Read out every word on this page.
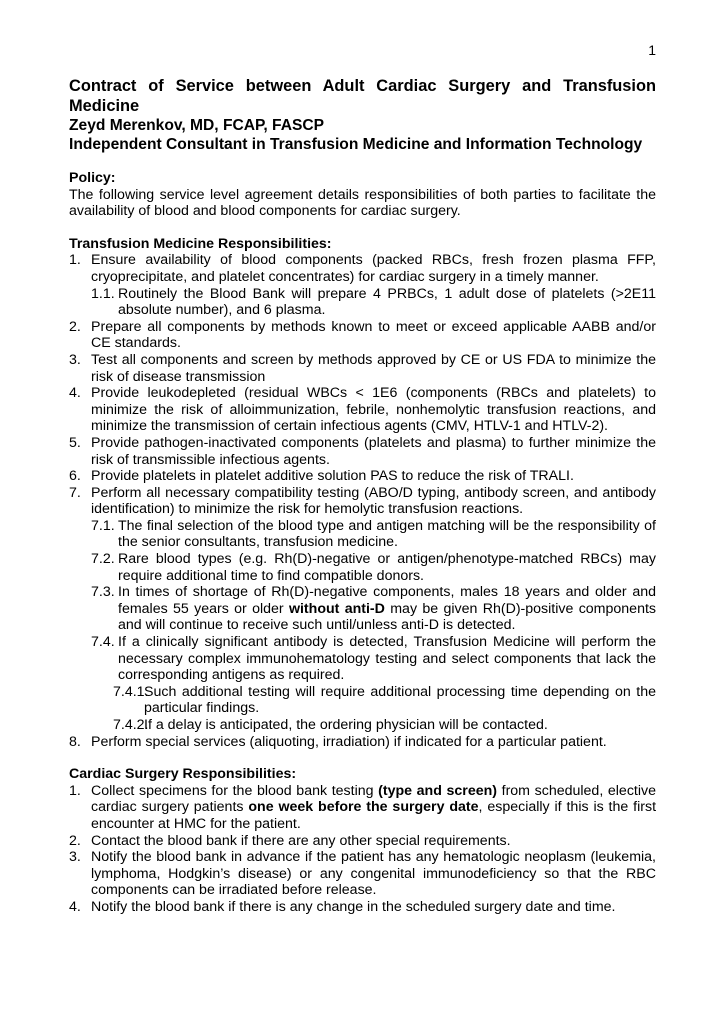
1

Contract of Service between Adult Cardiac Surgery and Transfusion Medicine

Zeyd Merenkov, MD, FCAP, FASCP

Independent Consultant in Transfusion Medicine and Information Technology

Policy:

The following service level agreement details responsibilities of both parties to facilitate the availability of blood and blood components for cardiac surgery.

Transfusion Medicine Responsibilities:

1. Ensure availability of blood components (packed RBCs, fresh frozen plasma FFP, cryoprecipitate, and platelet concentrates) for cardiac surgery in a timely manner.
1.1. Routinely the Blood Bank will prepare 4 PRBCs, 1 adult dose of platelets (>2E11 absolute number), and 6 plasma.
2. Prepare all components by methods known to meet or exceed applicable AABB and/or CE standards.
3. Test all components and screen by methods approved by CE or US FDA to minimize the risk of disease transmission
4. Provide leukodepleted (residual WBCs < 1E6 (components (RBCs and platelets) to minimize the risk of alloimmunization, febrile, nonhemolytic transfusion reactions, and minimize the transmission of certain infectious agents (CMV, HTLV-1 and HTLV-2).
5. Provide pathogen-inactivated components (platelets and plasma) to further minimize the risk of transmissible infectious agents.
6. Provide platelets in platelet additive solution PAS to reduce the risk of TRALI.
7. Perform all necessary compatibility testing (ABO/D typing, antibody screen, and antibody identification) to minimize the risk for hemolytic transfusion reactions.
7.1. The final selection of the blood type and antigen matching will be the responsibility of the senior consultants, transfusion medicine.
7.2. Rare blood types (e.g. Rh(D)-negative or antigen/phenotype-matched RBCs) may require additional time to find compatible donors.
7.3. In times of shortage of Rh(D)-negative components, males 18 years and older and females 55 years or older without anti-D may be given Rh(D)-positive components and will continue to receive such until/unless anti-D is detected.
7.4. If a clinically significant antibody is detected, Transfusion Medicine will perform the necessary complex immunohematology testing and select components that lack the corresponding antigens as required.
7.4.1.
Such additional testing will require additional processing time depending on the particular findings.
7.4.2.
If a delay is anticipated, the ordering physician will be contacted.
8. Perform special services (aliquoting, irradiation) if indicated for a particular patient.

Cardiac Surgery Responsibilities:

1. Collect specimens for the blood bank testing (type and screen) from scheduled, elective cardiac surgery patients one week before the surgery date, especially if this is the first encounter at HMC for the patient.
2. Contact the blood bank if there are any other special requirements.
3. Notify the blood bank in advance if the patient has any hematologic neoplasm (leukemia, lymphoma, Hodgkin’s disease) or any congenital immunodeficiency so that the RBC components can be irradiated before release.
4. Notify the blood bank if there is any change in the scheduled surgery date and time.
